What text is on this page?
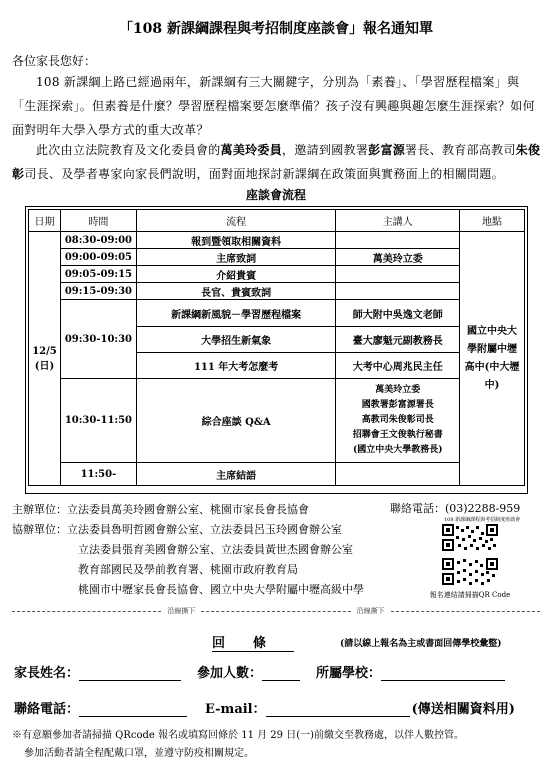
「108 新課綱課程與考招制度座談會」報名通知單
各位家長您好：
108 新課綱上路已經過兩年，新課綱有三大關鍵字，分別為「素養」、「學習歷程檔案」與「生涯探索」。但素養是什麼？學習歷程檔案要怎麼準備？孩子沒有興趣與趣怎麼生涯探索？如何面對明年大學入學方式的重大改革？
此次由立法院教育及文化委員會的萬美玲委員，邀請到國教署彭富源署長、教育部高教司朱俊彰司長、及學者專家向家長們說明，面對面地探討新課綱在政策面與實務面上的相關問題。
座談會流程
日期	時間	流程	主講人	地點
12/5
(日)	08:30-09:00	報到暨領取相關資料		國立中央大學附屬中壢高中(中大壢中)
	09:00-09:05	主席致詞	萬美玲立委	
	09:05-09:15	介紹貴賓		
	09:15-09:30	長官、貴賓致詞		
	09:30-10:30	新課綱新風貌－學習歷程檔案	師大附中吳逸文老師	
		大學招生新氣象	臺大廖魁元副教務長	
		111 年大考怎麼考	大考中心周兆民主任	
	10:30-11:50	綜合座談 Q&A	萬美玲立委
國教署彭富源署長
高教司朱俊彰司長
招聯會王文俊執行秘書
(國立中央大學教務長)	
	11:50-	主席結語		
主辦單位：立法委員萬美玲國會辦公室、桃園市家長會長協會	聯絡電話：(03)2288-959
協辦單位：立法委員魯明哲國會辦公室、立法委員呂玉玲國會辦公室
立法委員張育美國會辦公室、立法委員黃世杰國會辦公室
教育部國民及學前教育署、桃園市政府教育局
桃園市中壢家長會長協會、國立中央大學附屬中壢高級中學
108 新課綱課程與考招制度座談會
報名連結請掃描QR Code
沿線撕下	沿線撕下
回條	(請以線上報名為主或書面回傳學校彙整)
家長姓名：	參加人數：	所屬學校：
聯絡電話：	E-mail：	(傳送相關資料用)
※有意願參加者請掃描 QRcode 報名或填寫回條於 11 月 29 日(一)前繳交至教務處，以伴人數控管。
參加活動者請全程配戴口罩，並遵守防疫相關規定。
